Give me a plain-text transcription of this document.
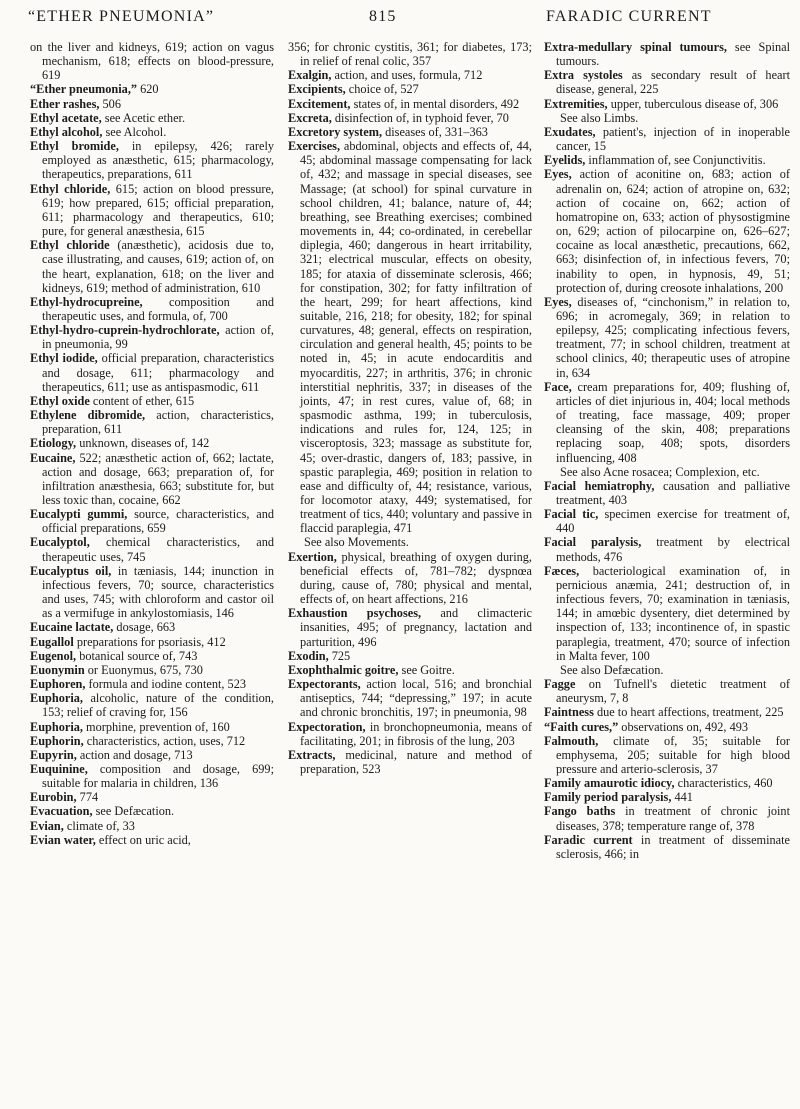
“ETHER PNEUMONIA”	815	FARADIC CURRENT
on the liver and kidneys, 619; action on vagus mechanism, 618; effects on blood-pressure, 619
“Ether pneumonia,” 620
Ether rashes, 506
Ethyl acetate, see Acetic ether.
Ethyl alcohol, see Alcohol.
Ethyl bromide, in epilepsy, 426; rarely employed as anæsthetic, 615; pharmacology, therapeutics, preparations, 611
Ethyl chloride, 615; action on blood pressure, 619; how prepared, 615; official preparation, 611; pharmacology and therapeutics, 610; pure, for general anæsthesia, 615
Ethyl chloride (anæsthetic), acidosis due to, case illustrating, and causes, 619; action of, on the heart, explanation, 618; on the liver and kidneys, 619; method of administration, 610
Ethyl-hydrocupreine, composition and therapeutic uses, and formula, of, 700
Ethyl-hydro-cuprein-hydrochlorate, action of, in pneumonia, 99
Ethyl iodide, official preparation, characteristics and dosage, 611; pharmacology and therapeutics, 611; use as antispasmodic, 611
Ethyl oxide content of ether, 615
Ethylene dibromide, action, characteristics, preparation, 611
Etiology, unknown, diseases of, 142
Eucaine, 522; anæsthetic action of, 662; lactate, action and dosage, 663; preparation of, for infiltration anæsthesia, 663; substitute for, but less toxic than, cocaine, 662
Eucalypti gummi, source, characteristics, and official preparations, 659
Eucalyptol, chemical characteristics, and therapeutic uses, 745
Eucalyptus oil, in tæniasis, 144; inunction in infectious fevers, 70; source, characteristics and uses, 745; with chloroform and castor oil as a vermifuge in ankylostomiasis, 146
Eucaine lactate, dosage, 663
Eugallol preparations for psoriasis, 412
Eugenol, botanical source of, 743
Euonymin or Euonymus, 675, 730
Euphoren, formula and iodine content, 523
Euphoria, alcoholic, nature of the condition, 153; relief of craving for, 156
Euphoria, morphine, prevention of, 160
Euphorin, characteristics, action, uses, 712
Eupyrin, action and dosage, 713
Euquinine, composition and dosage, 699; suitable for malaria in children, 136
Eurobin, 774
Evacuation, see Defæcation.
Evian, climate of, 33
Evian water, effect on uric acid,
356; for chronic cystitis, 361; for diabetes, 173; in relief of renal colic, 357
Exalgin, action, and uses, formula, 712
Excipients, choice of, 527
Excitement, states of, in mental disorders, 492
Excreta, disinfection of, in typhoid fever, 70
Excretory system, diseases of, 331–363
Exercises, abdominal, objects and effects of, 44, 45; abdominal massage compensating for lack of, 432; and massage in special diseases, see Massage; (at school) for spinal curvature in school children, 41; balance, nature of, 44; breathing, see Breathing exercises; combined movements in, 44; co-ordinated, in cerebellar diplegia, 460; dangerous in heart irritability, 321; electrical muscular, effects on obesity, 185; for ataxia of disseminate sclerosis, 466; for constipation, 302; for fatty infiltration of the heart, 299; for heart affections, kind suitable, 216, 218; for obesity, 182; for spinal curvatures, 48; general, effects on respiration, circulation and general health, 45; points to be noted in, 45; in acute endocarditis and myocarditis, 227; in arthritis, 376; in chronic interstitial nephritis, 337; in diseases of the joints, 47; in rest cures, value of, 68; in spasmodic asthma, 199; in tuberculosis, indications and rules for, 124, 125; in visceroptosis, 323; massage as substitute for, 45; over-drastic, dangers of, 183; passive, in spastic paraplegia, 469; position in relation to ease and difficulty of, 44; resistance, various, for locomotor ataxy, 449; systematised, for treatment of tics, 440; voluntary and passive in flaccid paraplegia, 471
See also Movements.
Exertion, physical, breathing of oxygen during, beneficial effects of, 781–782; dyspnœa during, cause of, 780; physical and mental, effects of, on heart affections, 216
Exhaustion psychoses, and climacteric insanities, 495; of pregnancy, lactation and parturition, 496
Exodin, 725
Exophthalmic goitre, see Goitre.
Expectorants, action local, 516; and bronchial antiseptics, 744; “depressing,” 197; in acute and chronic bronchitis, 197; in pneumonia, 98
Expectoration, in bronchopneumonia, means of facilitating, 201; in fibrosis of the lung, 203
Extracts, medicinal, nature and method of preparation, 523
Extra-medullary spinal tumours, see Spinal tumours.
Extra systoles as secondary result of heart disease, general, 225
Extremities, upper, tuberculous disease of, 306
See also Limbs.
Exudates, patient's, injection of in inoperable cancer, 15
Eyelids, inflammation of, see Conjunctivitis.
Eyes, action of aconitine on, 683; action of adrenalin on, 624; action of atropine on, 632; action of cocaine on, 662; action of homatropine on, 633; action of physostigmine on, 629; action of pilocarpine on, 626–627; cocaine as local anæsthetic, precautions, 662, 663; disinfection of, in infectious fevers, 70; inability to open, in hypnosis, 49, 51; protection of, during creosote inhalations, 200
Eyes, diseases of, “cinchonism,” in relation to, 696; in acromegaly, 369; in relation to epilepsy, 425; complicating infectious fevers, treatment, 77; in school children, treatment at school clinics, 40; therapeutic uses of atropine in, 634
Face, cream preparations for, 409; flushing of, articles of diet injurious in, 404; local methods of treating, face massage, 409; proper cleansing of the skin, 408; preparations replacing soap, 408; spots, disorders influencing, 408
See also Acne rosacea; Complexion, etc.
Facial hemiatrophy, causation and palliative treatment, 403
Facial tic, specimen exercise for treatment of, 440
Facial paralysis, treatment by electrical methods, 476
Fæces, bacteriological examination of, in pernicious anæmia, 241; destruction of, in infectious fevers, 70; examination in tæniasis, 144; in amœbic dysentery, diet determined by inspection of, 133; incontinence of, in spastic paraplegia, treatment, 470; source of infection in Malta fever, 100
See also Defæcation.
Fagge on Tufnell's dietetic treatment of aneurysm, 7, 8
Faintness due to heart affections, treatment, 225
“Faith cures,” observations on, 492, 493
Falmouth, climate of, 35; suitable for emphysema, 205; suitable for high blood pressure and arterio-sclerosis, 37
Family amaurotic idiocy, characteristics, 460
Family period paralysis, 441
Fango baths in treatment of chronic joint diseases, 378; temperature range of, 378
Faradic current in treatment of disseminate sclerosis, 466; in
